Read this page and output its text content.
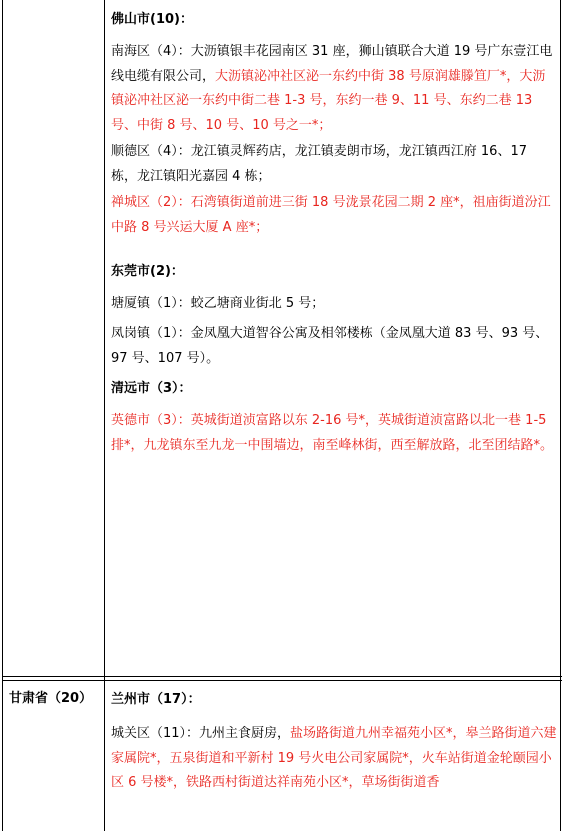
佛山市(10)：

南海区（4）：大沥镇银丰花园南区 31 座，狮山镇联合大道 19 号广东壹江电线电缆有限公司，大沥镇泌冲社区泌一东约中街 38 号原润雄滕笪厂*，大沥镇泌冲社区泌一东约中街二巷 1-3 号，东约一巷 9、11 号、东约二巷 13 号、中街 8 号、10 号、10 号之一*；

顺德区（4）：龙江镇灵辉药店，龙江镇麦朗市场，龙江镇西江府 16、17 栋，龙江镇阳光嘉园 4 栋；

禅城区（2）：石湾镇街道前进三街 18 号泷景花园二期 2 座*，祖庙街道汾江中路 8 号兴运大厦 A 座*；

东莞市(2)：

塘厦镇（1）：蛟乙塘商业街北 5 号；

凤岗镇（1）：金凤凰大道智谷公寓及相邻楼栋（金凤凰大道 83 号、93 号、97 号、107 号）。

清远市（3）：

英德市（3）：英城街道浈富路以东 2-16 号*，英城街道浈富路以北一巷 1-5 排*，九龙镇东至九龙一中围墙边，南至峰林街，西至解放路，北至团结路*。

甘肃省（20）	兰州市（17）：

城关区（11）：九州主食厨房，盐场路街道九州幸福苑小区*，皋兰路街道六建家属院*，五泉街道和平新村 19 号火电公司家属院*，火车站街道金轮颐园小区 6 号楼*，铁路西村街道达祥南苑小区*，草场街街道香
